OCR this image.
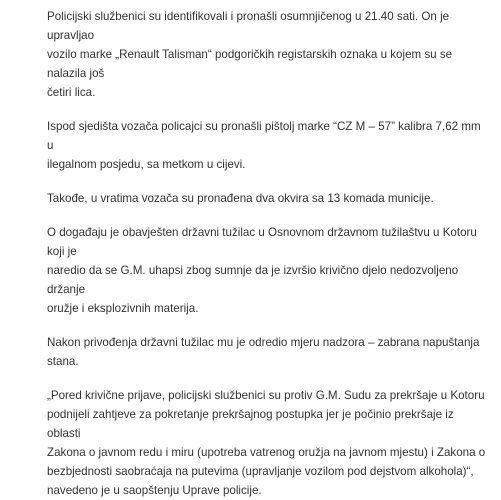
Policijski službenici su identifikovali i pronašli osumnjičenog u 21.40 sati. On je upravljao
vozilo marke „Renault Talisman“ podgoričkih registarskih oznaka u kojem su se nalazila još
četiri lica.

Ispod sjedišta vozača policajci su pronašli pištolj marke “CZ M – 57” kalibra 7,62 mm u
ilegalnom posjedu, sa metkom u cijevi.

Takođe, u vratima vozača su pronađena dva okvira sa 13 komada municije.

O događaju je obavješten državni tužilac u Osnovnom državnom tužilaštvu u Kotoru koji je
naredio da se G.M. uhapsi zbog sumnje da je izvršio krivično djelo nedozvoljeno držanje
oružje i eksplozivnih materija.

Nakon privođenja državni tužilac mu je odredio mjeru nadzora – zabrana napuštanja
stana.

„Pored krivične prijave, policijski službenici su protiv G.M. Sudu za prekršaje u Kotoru
podnijeli zahtjeve za pokretanje prekršajnog postupka jer je počinio prekršaje iz oblasti
Zakona o javnom redu i miru (upotreba vatrenog oružja na javnom mjestu) i Zakona o
bezbjednosti saobraćaja na putevima (upravljanje vozilom pod dejstvom alkohola)“,
navedeno je u saopštenju Uprave policije.
